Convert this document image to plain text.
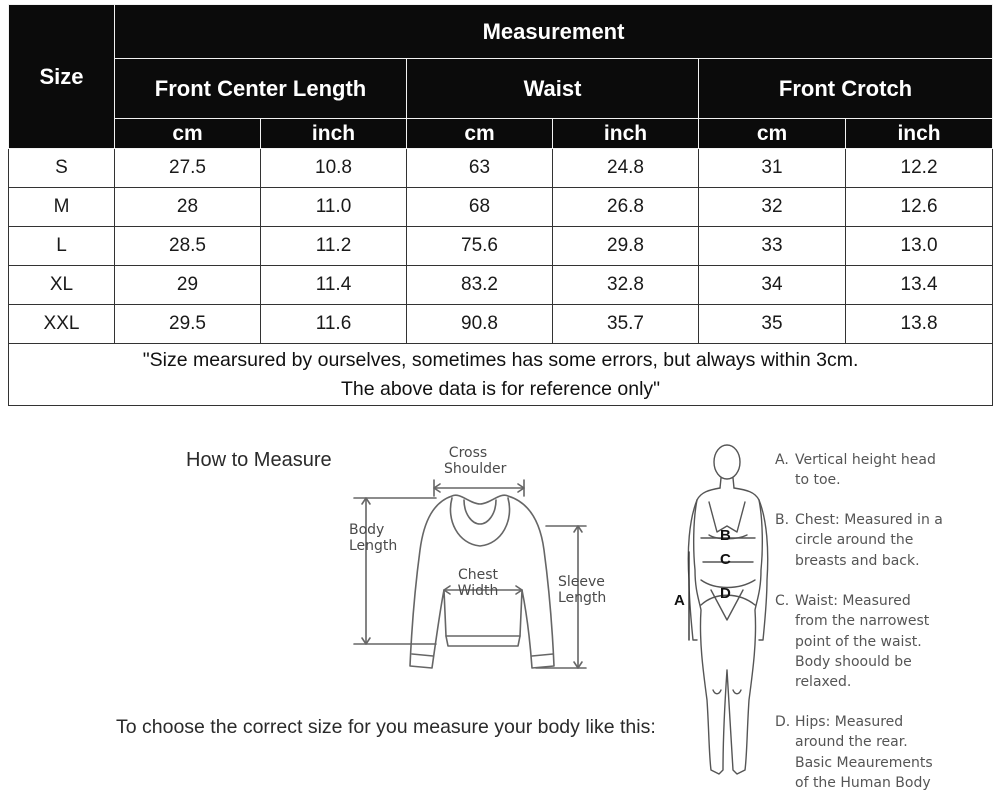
Size	Measurement					
	Front Center Length		Waist		Front Crotch	
	cm	inch	cm	inch	cm	inch
S	27.5	10.8	63	24.8	31	12.2
M	28	11.0	68	26.8	32	12.6
L	28.5	11.2	75.6	29.8	33	13.0
XL	29	11.4	83.2	32.8	34	13.4
XXL	29.5	11.6	90.8	35.7	35	13.8

"Size mearsured by ourselves, sometimes has some errors, but always within 3cm.
The above data is for reference only"						
How to Measure	Cross
Shoulder
Body
Length
Chest
Width
Sleeve
Length
To choose the correct size for you measure your body like this:
A
B
C
D
A. Vertical height head
to toe.
B. Chest: Measured in a
circle around the
breasts and back.
C. Waist: Measured
from the narrowest
point of the waist.
Body shoould be
relaxed.
D. Hips: Measured
around the rear.
Basic Meaurements
of the Human Body
